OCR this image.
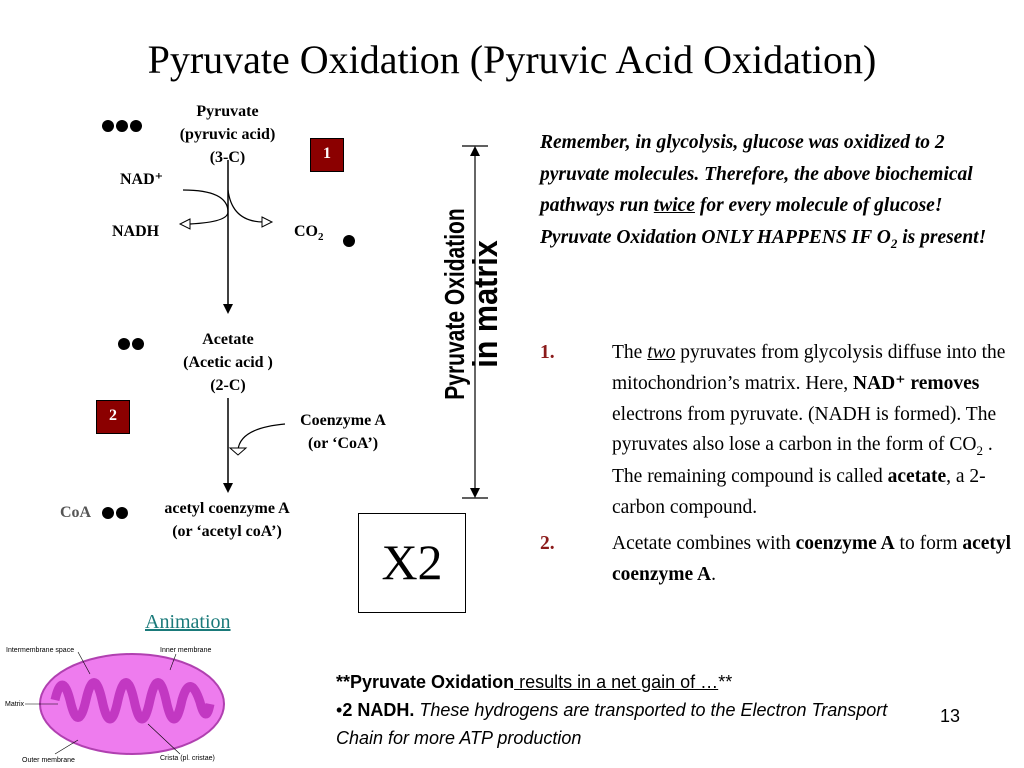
Pyruvate Oxidation (Pyruvic Acid Oxidation)
Pyruvate
(pyruvic acid)
(3-C)	1
NAD⁺
NADH	$CO_2$
Acetate
(Acetic acid )
(2-C)
2	Coenzyme A
(or ‘CoA’)
CoA	acetyl coenzyme A
(or ‘acetyl coA’)
Pyruvate Oxidation
in matrix
X2
Remember, in glycolysis, glucose was oxidized to 2 pyruvate molecules. Therefore, the above biochemical pathways run twice for every molecule of glucose! Pyruvate Oxidation ONLY HAPPENS IF $O_2$ is present!
1.	The two pyruvates from glycolysis diffuse into the mitochondrion’s matrix. Here, NAD⁺ removes electrons from pyruvate. (NADH is formed). The pyruvates also lose a carbon in the form of $CO_2$ . The remaining compound is called acetate, a 2-carbon compound.
2.	Acetate combines with coenzyme A to form acetyl coenzyme A.
Animation
Intermembrane space	Inner membrane
Matrix
Outer membrane	Crista (pl. cristae)
**Pyruvate Oxidation results in a net gain of …**
•2 NADH. These hydrogens are transported to the Electron Transport Chain for more ATP production
13
